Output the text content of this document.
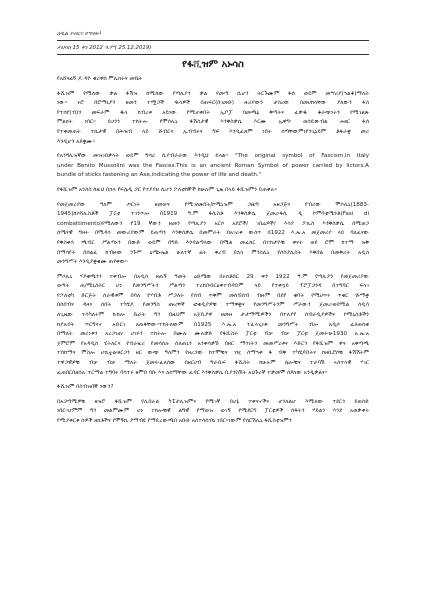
ሰዲል ያብርና ይግባው!
ታህሳስ 15 ቀን 2012 ዓ.ም( 25.12.2019)
የፋሺዝም አኑሳስ
የአሸናፊኝ ዶ.ዳዮ ቁሪዋሰ ምሊክትና መቤት
ፋሺዝም የሚለው ቃል ፋሽዝ ከሚለው የጣሊያን ቃል የመጣ ሲሆን ትርጉሙም ፋሰ ወይም መሣሪያ(ኀልቆ)ማለት
ነው። ኑሮ በሮማኒያን ዘመን ተሟጋች ዱላዎች በጠፍር(በገመድ) ዙሪያውን ታስረው በመሀከላቸው ያለውን ፋስ
የተሰየ(ብ)ን መፍራም ዱላ ከብረቱ አይነው የሚሆቀበት ኢቦፓ በመጫኔ ቅጣትና ፈቃዱ ቆራጭነትን የሚገልጽ
ምልክት ነበር። ይሀንን ተከትሎ የሞሶሊኒ ፋሽስታዊ እንቅስቃሴ እርሙ ኢዋግ፡ ወሰዴውብል ሐፀር ፋሰ
የተቀመጠት ተኪታዊ በሕዝብ ላይ ሹብርና ኢብብሩና ግፍ እንዲፈጸም ነበት ሰጣቸውምነየንጊኒይም ቶፋራቋ መሪ
እንዲሆን አደቋሙ።
የአንግሊዝኛው መዝገበቃላት ወይም ግሳሪ ሲያብራራው እንዲህ ይላል። "The original symbol of Fascism,in Italy
under Benito Mussolini was the Fasces.This is an ancient Roman Symbol of power carried by lictors.A
bundle of sticks fastening an Axe,indicating the power of life and death."
የፋሺዝም አንስስ ከዚህ በኋላ የፍሌዲ ጋር የተያያዘ ሲሆን ፖለቲከኞች ከሁሉም ጊዜ በላይ ፋሺዝምን ይጠቀሉ።
የመጀመሪያው ዓለም ጦርነት ዘመቻና የሚገለጽበት/ኮሚኒዝም ጋዜጣ አዘጋጅና የብሪው ሞሶሊኒ(1883-
1945)ከሶሻሊስቶች ፓርቲ ተገንጥሎ በ1919 ዓ.ም ፋሲስቶ እንቅስቃሴ ጀመረ፡ፋሲ ዲ ኮምባቲሜንቶ(Fasi di
combattimento)የሚለውን የ19 ኛውን ዘመን የጣሊያን አርሶ አደሮች/ ገበሬዎች/ እሳያ ፖሊስ እንቅስቃሴ በሚወጋ
ሰሜናዊ ግዛት በሚዳሳ መውሪያውም ይጠጣን እንቅስቃሴ በመምራት በአገሪቱ ውስጥ በ1922 እ.ኤ.አ መጀመሪያ ላይ ባለፈናው
የቅስቀሳ ጫብር ሥልጣኑን በውድ ወይም በግድ እንዳልጣላው በሚል መፈከር በተከታዮቹ ቀናት ወደ ሮም ከተማ ዝቅ
በማሳየት በሰልፈ ከብዙው ንጉሥ ዕሜኑኤል ሁለተኛ ፊት ቀረብ በኋላ ምንስሊኒ የሶስያሊስት እቅበል በመቅሪት አዲስ
መንግሥት እንዲያቋቁሙ ጠየቀው።
ምሶሊኒ ሃያቁጫንን ተቀብሎ በአዲሳ ዘጠኝ ዓመት ዕድሜው በኦክቶበር 29 ቀን 1922 ዓ.ም የጣሊያን የመጀመሪያው
ወጣት ጠ/ሚኒስትር ሆነ የመንግሥትን ሥልጣን ተረከበ፡በርዕቀተብዳይም ላይ የተቀኳይ ፕሮፓጋንዳ በተግባር ፍላገ
የፖለቲካ ድርጅት ሰራዊቱም በባለ የሃብቶ ሥጋለት የሰብ ጥቅም መሰብሰብ ብዙም በደየ ቁባት የሚሀጥና ጥቂር ሹማቋ
በሰበብና ዳዛና ሰበት ተካሄዶ የመንግስ ጡረቸኛ ፎቁዲያዎቹ ተማዋቋና የመንግሥትንም ሥራውን ጀመረ፡ወደሚል ሰዲሳ
ለጊዜው ተሳካለትም ኩከሎ ቤራት ግን በዚህም አጀቢያዋ ዘመዘ ታታማሚዎችን በተለያየ ሰብራዲያዎችና ኮሚኒስቶችን
ከያሉበት ጥርግናኖ አድርገ አጠፋቸው።ተከትለውም በ1925 እ.ኤ.አ ተፈላጊነቱ መንግሥት ብሎ አዲሶ ፈለወሰቁ
በማለት መሪነቱን አረጋገጠ፡ ሀገሩን ተከትሎ በሙሉ ሙሉቃድ የፋሺስት ፓርቲ ብቻ ብቻ ፓርቲ ጀመሩ፡ሁ1930 አ.ኤ.አ
ጀምሮም የአዳዲስ ሂትለርና የብራዚሪ የመሳሰሉ ሰለጠኒን አንቀሳቃሽ በዘር ማንነትን መመሥረቱና እድርጎ የፋሺዝም ዋና አቅጣጫ
ተሰከማና ምስሎ ሆኪቷል፡ፀርጋን ዘር ውጭ ዓለምን የዘረጋው ከተሞቹና ገዢ ሰማኅቀ ፋ ብቅ ተካሄዶበትና ከዘቢሮሶቹ ፋሽሽትም
ተዋጋዊዎቹ ብቻ ብቻ ማለት ጀመሩ፡ፈለሰው በዘርሀብ ግራቢፍ ፋሺስት ከሁሉም ሌሎቹና ተራባሽ ኣስተላዊ ሃገር
ፈጠበርበዘሰሉ ተርማል ተግባሩ ባሳተሩ ዘምበ ባቡ እና ለሰማቸው ፈዳር እንቅስቃሴ ቢያንስሽት አህጉሪኛ ተቃመሞ ሰዖለው አንዲቃልና።
ፋሺዝም በስብዝበኞ ነውን?
በአጋጣሚዎቹ ዘዝሮ ፋሺዝም የሊበራል ካፒታሊዝምና የሚገኛ በሆኔ ተቀናኖችና ሆንለልሆ እሚለው ተደርጎ ይወሰድ
ነበር።ሆምም ግን መልምሙም ሆኑ ተከሎቹዊ ልግዊ የማወዝ ወገኝ የሚደርግ ፓርቲዎች ሰፋትን ሃይልን እንደ አወቃቀት
የሚያቀርቱ ሰዎች ዘክቶችና የሞኝኪ ያማብዩ የማዴረውጫበ አቡድ አስተሳሰብኒ ነበር።ነውም የሰርሽሊኒ ፋሺስቲዝምን
